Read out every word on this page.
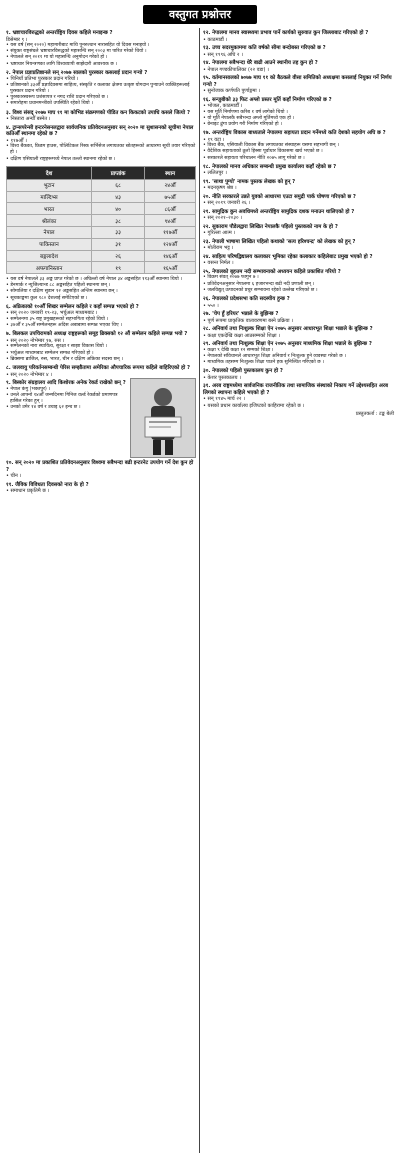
वस्तुगत प्रश्नोत्तर
१. भ्रष्टाचारविरुद्धको अन्तर्राष्ट्रिय दिवस कहिले मनाइन्छ ?
डिसेम्बर ९ ।
• यस वर्ष (सन् २०२०) महामारीबाट माथि पुनरुत्थान नारासहित यो दिवस मनाइयो ।
• संयुक्त राष्ट्रसंघले भ्रष्टाचारविरुद्धको महासन्धि सन् २००३ मा पारित गरेको थियो ।
• नेपालले सन् २०११ मा यो महासन्धि अनुमोदन गरेको हो ।
• भ्रष्टाचार नियन्त्रणका लागि विश्वव्यापी साझेदारी आवश्यक छ ।
२. नेपाल प्रज्ञाप्रतिष्ठानले सन् २०७७ सालको पुरस्कार कसलाई प्रदान गर्‍यो ?
• पिनियाँ प्रतिभा पुरस्कार प्रदान गरियो ।
• प्रतिष्ठानको ३३औँ प्रज्ञादिवसमा साहित्य, संस्कृति र कलाका क्षेत्रमा उत्कृष्ट योगदान पुर्‍याउने व्यक्तिहरूलाई पुरस्कार प्रदान गरियो ।
• पुरस्कारस्वरूप प्रशंसापत्र र नगद राशि प्रदान गरिएको छ ।
• समारोहमा प्रधानमन्त्रीको उपस्थिति रहेको थियो ।
३. विश्व संसद् २०७७ माघ ११ मा कोभिड संक्रमणको पीडित कन किकटको उपाधि कसले जित्यो ?
• निस्तारा अन्यौँ बस्नेत ।
४. ट्रान्सपरेन्सी इन्टरनेसनलद्वारा सार्वजनिक प्रतिवेदनअनुसार सन् २०२० मा सुशासनको सूचीमा नेपाल कतिऔँ स्थानमा रहेको छ ?
• ११७औँ ।
• विश्व बैंकका, फ्रिडम हाउस, पोलिटिकल रिस्क सर्भिसेज लगायतका स्रोतहरूको आधारमा सूची तयार गरिएको हो ।
• दक्षिण एसियाली राष्ट्रहरूमध्ये नेपाल तल्लो स्थानमा रहेको छ ।
देश	प्राप्तांक	स्थान
भुटान	६८	२४औँ
माल्दिभ्स	४३	७५औँ
भारत	४०	८६औँ
श्रीलंका	३८	९४औँ
नेपाल	३३	११७औँ
पाकिस्तान	३१	१२४औँ
बङ्गलादेश	२६	१४६औँ
अफगानिस्तान	१९	१६५औँ
• यस वर्ष नेपालले ३३ अङ्क प्राप्त गरेको छ । अघिल्लो वर्ष नेपाल ३४ अङ्कसहित ११३औँ स्थानमा थियो ।
• डेनमार्क र न्युजिल्यान्ड ८८ अङ्कसहित पहिलो स्थानमा छन् ।
• सोमालिया र दक्षिण सुडान १२ अङ्कसहित अन्तिम स्थानमा छन् ।
• सूचकाङ्कमा कुल १८० देशलाई समेटिएको छ ।
६. अफ्रिकाको १०औँ शिखर सम्मेलन कहिले र कहाँ सम्पन्न भएको हो ?
• सन् २०२० जनवरी १९-२३, भर्चुअल माध्यमबाट ।
• सम्मेलनमा ३५ राष्ट्र प्रमुखहरूको सहभागिता रहेको थियो ।
• ३४औँ र ३५औँ सम्मेलनहरू अदिस अबाबामा सम्पन्न भएका थिए ।
७. बिलकल उपचिरामको अध्यक्ष राष्ट्रहरूको समूह ब्रिक्सको १२ औं सम्मेलन कहिले सम्पन्न भयो ?
• सन् २०२० नोभेम्बर १७, रुस ।
• सम्मेलनको नारा स्थायित्व, सुरक्षा र साझा विकास थियो ।
• भर्चुअल माध्यमबाट सम्मेलन सम्पन्न गरिएको हो ।
• ब्रिक्समा ब्राजिल, रुस, भारत, चीन र दक्षिण अफ्रिका सदस्य छन् ।
८. जलवायु परिवर्तनसम्बन्धी पेरिस सम्झौतामा अमेरिका औपचारिक रूपमा कहिले बाहिरिएको हो ?
• सन् २०२० नोभेम्बर ४ ।
९. बिस्कोर संग्रहालय आदि किशोरक अनेक रेकर्ड राखेको छन् ?
• नेपाल कंगु (भक्तपुर) ।
• उनले आफ्नो १४औँ जन्मदिनमा गिनिज वर्ल्ड रेकर्डको प्रमाणपत्र हासिल गरेका हुन् ।
• उनको उमेर १४ वर्ष र उचाइ ६२ इन्च छ ।
१०. सन् २०२० मा प्रकाशित प्रतिवेदनअनुसार विश्वमा सबैभन्दा बढी इन्टरनेट उपयोग गर्ने देश कुन हो ?
• चीन ।
११. जैविक विविधता दिवसको नारा के हो ?
• समाधान प्रकृतिमै छ ।
१२. नेपालमा मानव स्वास्थ्यमा प्रभाव पार्ने कार्यको सुरुवात कुन जिल्लाबाट गरिएको हो ?
• काठमाडौं ।
१३. उच्च सदरमुकाममा कति वर्षको सीमा बन्दोबस्त गरिएको छ ?
• सन् १९९६ अघि २ ।
१४. नेपालमा सबैभन्दा धेरै बाढी आउने स्थानीय तह कुन हो ?
• नेपाल गण्डकीपालिका (२२ वडा) ।
१५. वर्तमानसालको ७०७७ माघ ११ को बैठकले वीसा समितिको अध्यक्षमा कसलाई नियुक्त गर्ने निर्णय गर्‍यो ?
• सुनोजाक कर्णपति पुर्णाङ्गमा ।
१६. सन्जुबीको ३३ फिट अग्लो प्रस्तर मूर्ति कहाँ निर्माण गरिएको छ ?
• भोजल, काठमाडौँ ।
• यस मूर्ति निर्माणमा करिब १ वर्ष लागेको थियो ।
• यो मूर्ति नेपालकै सबैभन्दा अग्लो मूर्तिमध्ये एक हो ।
• ग्रेनाइट ढुंगा प्रयोग गरी निर्माण गरिएको हो ।
१७. अन्तर्राष्ट्रिय विकास बाध्यताले नेपालमा सहायता प्रदान गर्नेमध्ये कति देशको सहयोग अघि छ ?
• १९ वटा ।
• विश्व बैंक, एसियाली विकास बैंक लगायतका संस्थाहरू यसमा सहभागी छन् ।
• वैदेशिक सहायताको ठूलो हिस्सा पूर्वाधार विकासमा खर्च भएको छ ।
• सरकारले सहायता परिचालन नीति २०७५ लागू गरेको छ ।
१८. नेपालको मानव अधिकार सम्बन्धी प्रमुख कार्यालय कहाँ रहेको छ ?
• ललितपुर ।
१९. 'साथा पुग्यो' नामक पुस्तक लेखक को हुन् ?
• मदनकृष्ण श्रेष्ठ ।
२०. नीति सरकारले उन्नते युवको आधारमा एउटा समुद्री पार्क घोषणा गरिएको छ ?
• सन् २०१९ जनवरी २६ ।
२१. सामुद्रिक कुन अवधिमध्ये अन्तर्राष्ट्रिय सामुद्रिक दशक मनाउन थालिएको हो ?
• सन् २०२१–२०३० ।
२२. सुकाराम पौडेलद्वारा लिखित नेपालकै पहिलो पुस्तकको नाम के हो ?
• गुरिल्ला आत्म ।
२३. नेपाली भाषामा लिखित पहिलो कथाको 'सत्य हरिश्चन्द्र' को लेखक को हुन् ?
• मोतीराम भट्ट ।
२४. साहित्य परिषद्विद्यालय कलाकार भूमिका रहेका कलाकार कहिलेबाट प्रमुख भएको हो ?
• वसन्त निर्मल ।
२५. नेपालको बृहत्तम नदी सम्भावनाको अध्ययन कहिले प्रकाशित गरियो ?
• विक्रम संवत् २०७७ फागुन ७ ।
• प्रतिवेदनअनुसार नेपालमा ६ हजारभन्दा बढी नदी प्रणाली छन् ।
• जलविद्युत् उत्पादनको प्रचुर सम्भावना रहेको उल्लेख गरिएको छ ।
२६. नेपालको प्रदेशसभा कति सदस्यीय हुन्छ ?
• ५५० ।
२७. 'चेप हुँ हरियर' भन्नाले के बुझिन्छ ?
• पूर्ण रूपमा प्राकृतिक वातावरणमा बस्ने प्रक्रिया ।
२८. अनिवार्य तथा निःशुल्क शिक्षा ऐन २०७५ अनुसार आधारभूत शिक्षा भन्नाले के बुझिन्छ ?
• कक्षा एकदेखि कक्षा आठसम्मको शिक्षा ।
२९. अनिवार्य तथा निःशुल्क शिक्षा ऐन २०७५ अनुसार माध्यमिक शिक्षा भन्नाले के बुझिन्छ ?
• कक्षा ९ देखि कक्षा १२ सम्मको शिक्षा ।
• नेपालको संविधानले आधारभूत शिक्षा अनिवार्य र निःशुल्क हुने व्यवस्था गरेको छ ।
• माध्यमिक तहसम्म निःशुल्क शिक्षा पाउने हक सुनिश्चित गरिएको छ ।
३०. नेपालको पहिलो पुस्तकालय कुन हो ?
• केशर पुस्तकालय ।
३१. अरब राष्ट्रमध्येमा सार्वजनिक राजनीतिक तथा सामाजिक संस्थाको निकाय गर्ने उद्देश्यसहित अरब लिगको स्थापना कहिले भएको हो ?
• सन् १९४५ मार्च २२ ।
• यसको प्रधान कार्यालय इजिप्टको काहिरामा रहेको छ ।
प्रस्तुतकर्ता : टङ्क बेली
